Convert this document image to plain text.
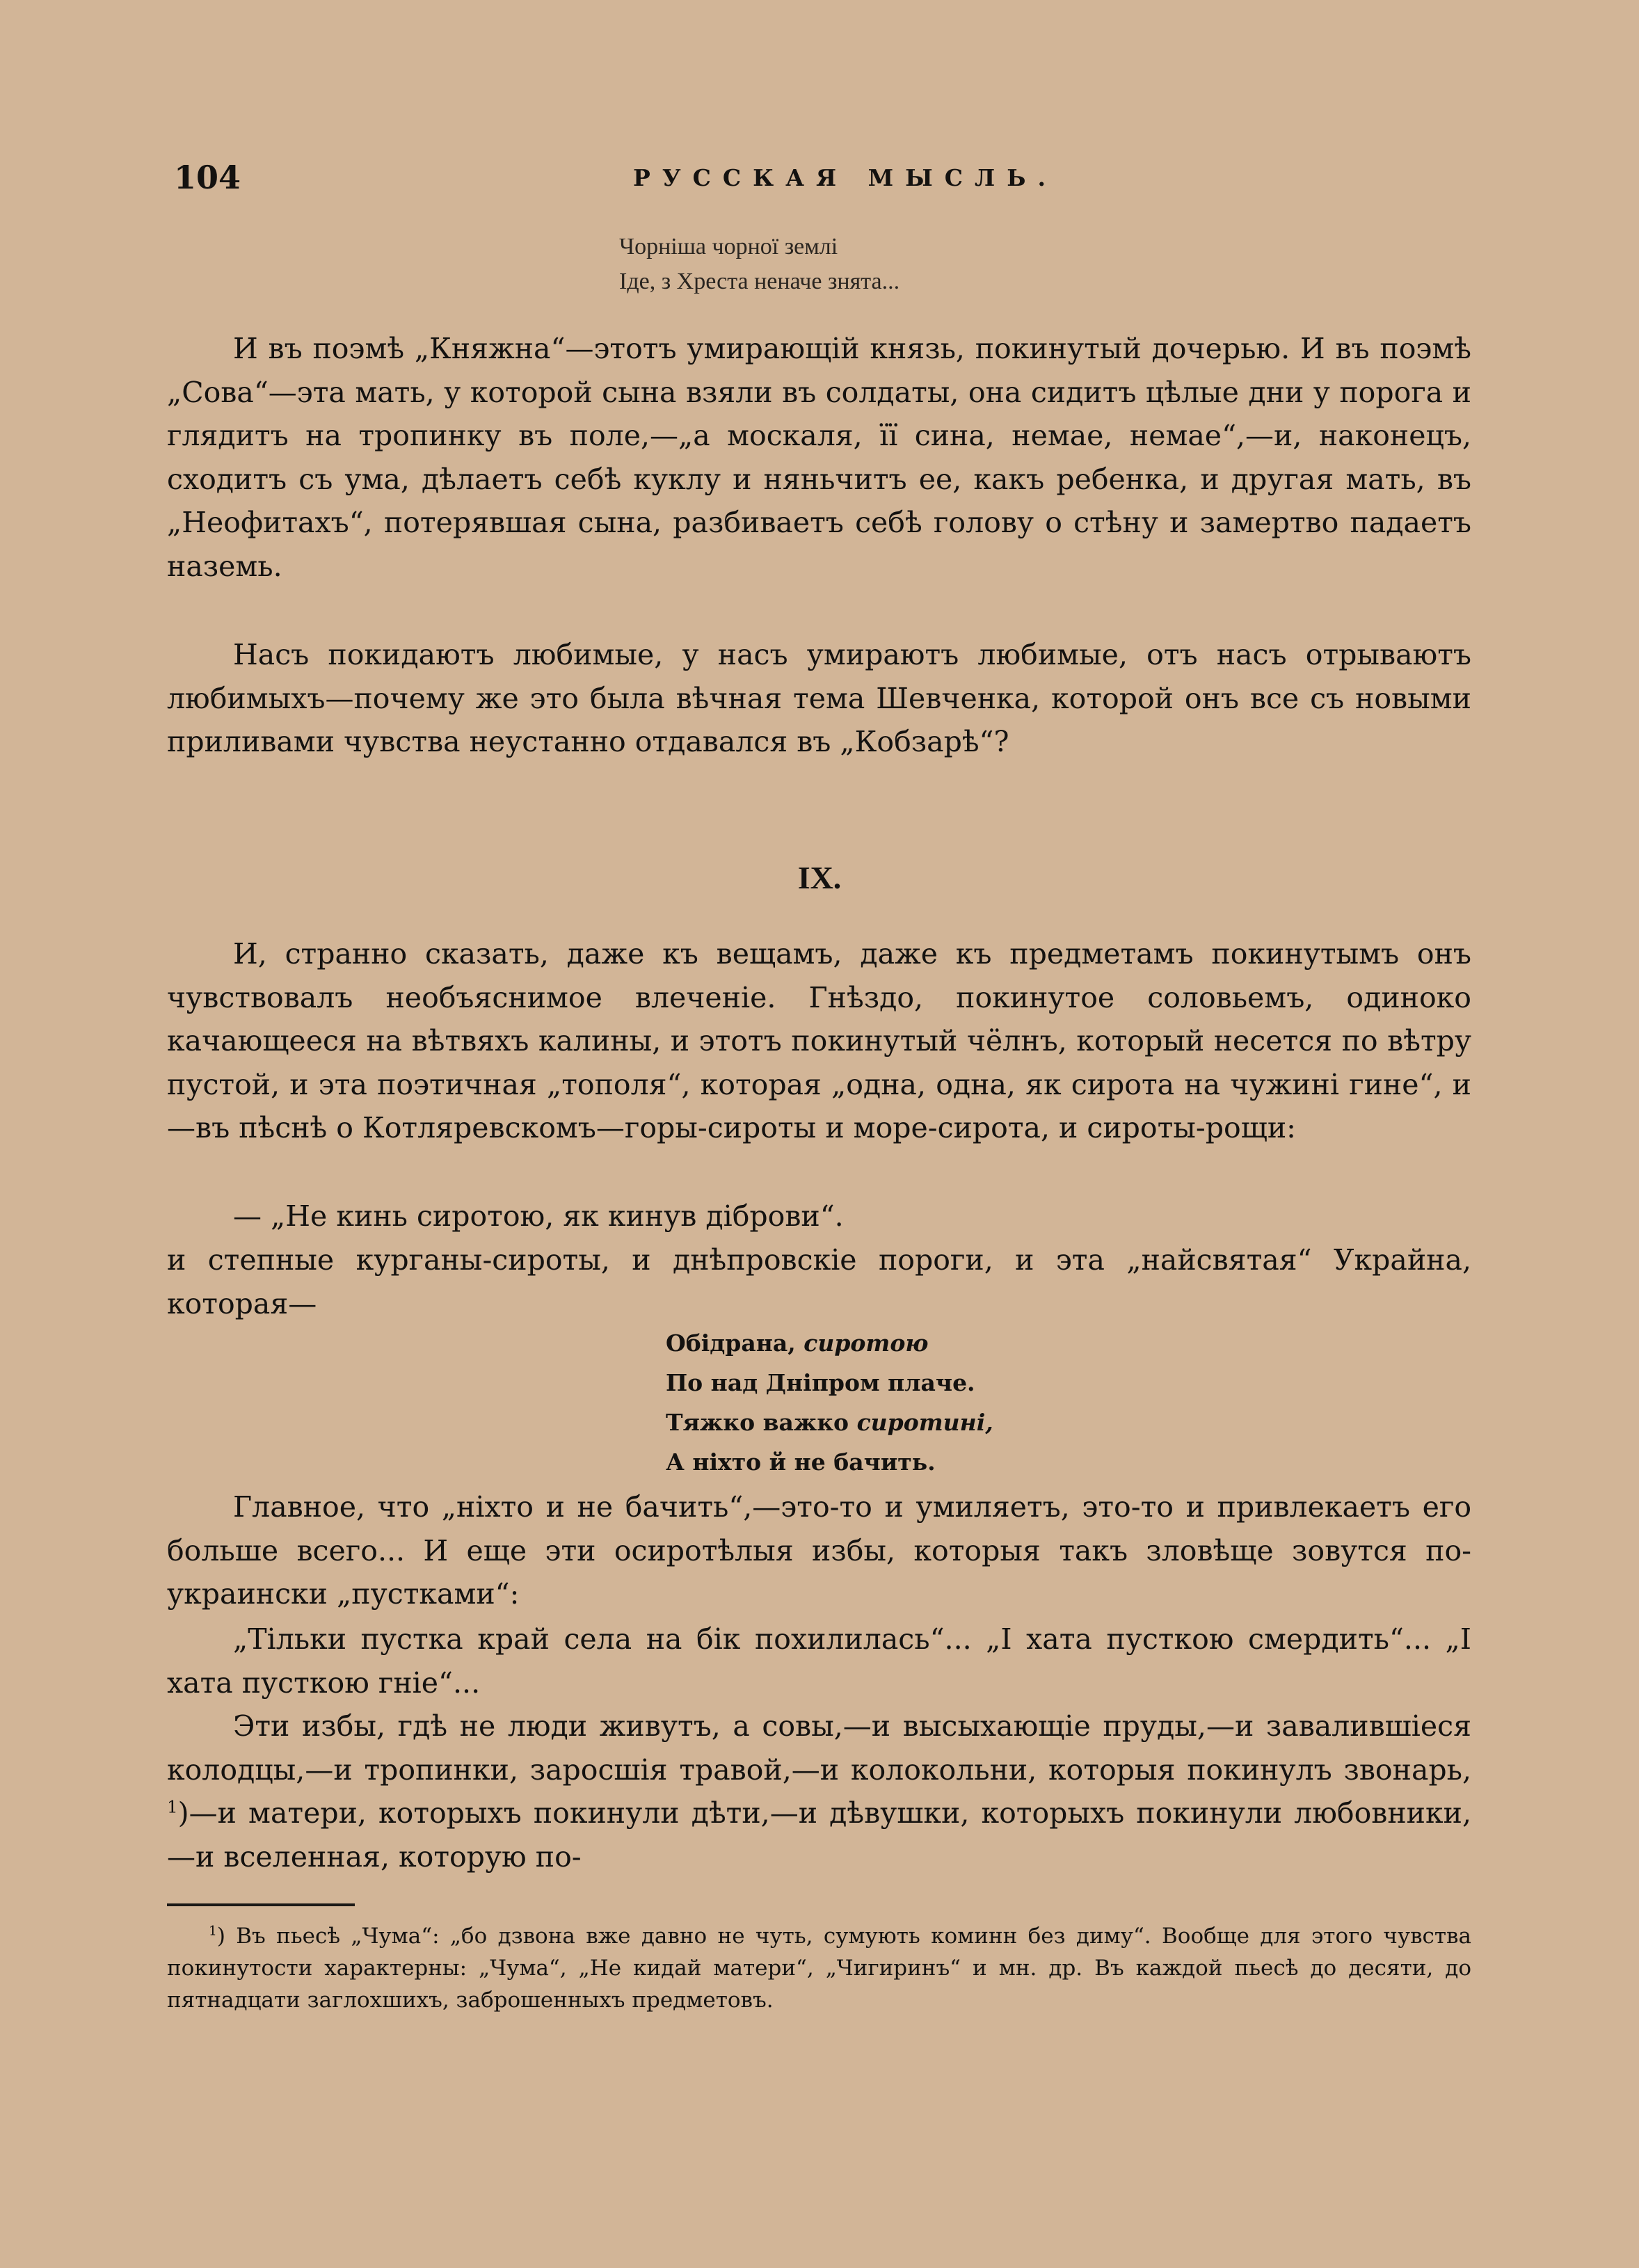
104	РУССКАЯ МЫСЛЬ.
Чорніша чорної землі
Іде, з Хреста неначе знята...

И въ поэмѣ „Княжна“—этотъ умирающій князь, покинутый дочерью. И въ поэмѣ „Сова“—эта мать, у которой сына взяли въ солдаты, она сидитъ цѣлые дни у порога и глядитъ на тропинку въ поле,—„а москаля, її сина, немае, немае“,—и, наконецъ, сходитъ съ ума, дѣлаетъ себѣ куклу и няньчитъ ее, какъ ребенка, и другая мать, въ „Неофитахъ“, потерявшая сына, разбиваетъ себѣ голову о стѣну и замертво падаетъ наземь.

Насъ покидаютъ любимые, у насъ умираютъ любимые, отъ насъ отрываютъ любимыхъ—почему же это была вѣчная тема Шевченка, которой онъ все съ новыми приливами чувства неустанно отдавался въ „Кобзарѣ“?

IX.

И, странно сказать, даже къ вещамъ, даже къ предметамъ покинутымъ онъ чувствовалъ необъяснимое влеченіе. Гнѣздо, покинутое соловьемъ, одиноко качающееся на вѣтвяхъ калины, и этотъ покинутый чёлнъ, который несется по вѣтру пустой, и эта поэтичная „тополя“, которая „одна, одна, як сирота на чужині гине“, и—въ пѣснѣ о Котляревскомъ—горы-сироты и море-сирота, и сироты-рощи:

— „Не кинь сиротою, як кинув діброви“.

и степные курганы-сироты, и днѣпровскіе пороги, и эта „найсвятая“ Украйна, которая—

Обідрана, сиротою
По над Дніпром плаче.
Тяжко важко сиротині,
А ніхто й не бачить.

Главное, что „ніхто и не бачить“,—это-то и умиляетъ, это-то и привлекаетъ его больше всего... И еще эти осиротѣлыя избы, которыя такъ зловѣще зовутся по-украински „пустками“:

„Тільки пустка край села на бік похилилась“... „І хата пусткою смердить“... „І хата пусткою гніе“...

Эти избы, гдѣ не люди живутъ, а совы,—и высыхающіе пруды,—и завалившіеся колодцы,—и тропинки, заросшія травой,—и колокольни, которыя покинулъ звонарь, $^1$)—и матери, которыхъ покинули дѣти,—и дѣвушки, которыхъ покинули любовники,—и вселенная, которую по-

$^1$) Въ пьесѣ „Чума“: „бо дзвона вже давно не чуть, сумують коминн без диму“. Вообще для этого чувства покинутости характерны: „Чума“, „Не кидай матери“, „Чигиринъ“ и мн. др. Въ каждой пьесѣ до десяти, до пятнадцати заглохшихъ, заброшенныхъ предметовъ.
